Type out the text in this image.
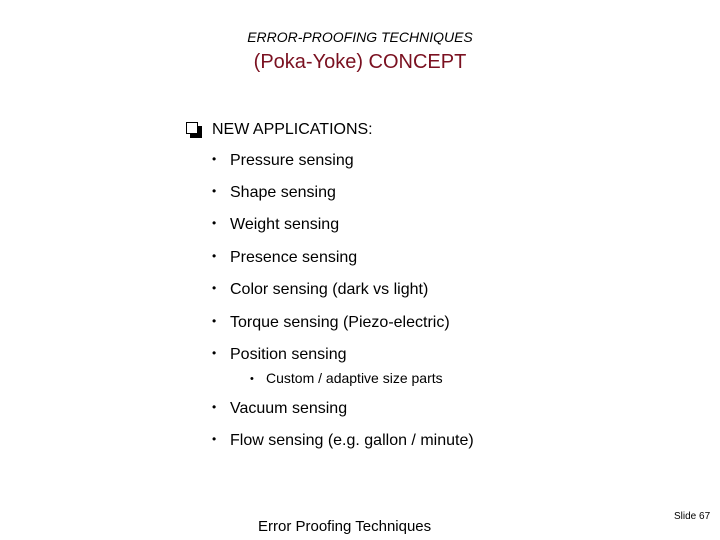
ERROR-PROOFING TECHNIQUES
(Poka-Yoke) CONCEPT
NEW APPLICATIONS:
• Pressure sensing
• Shape sensing
• Weight sensing
• Presence sensing
• Color sensing (dark vs light)
• Torque sensing (Piezo-electric)
• Position sensing
• Custom / adaptive size parts
• Vacuum sensing
• Flow sensing (e.g. gallon / minute)
Error Proofing Techniques
Slide 67
